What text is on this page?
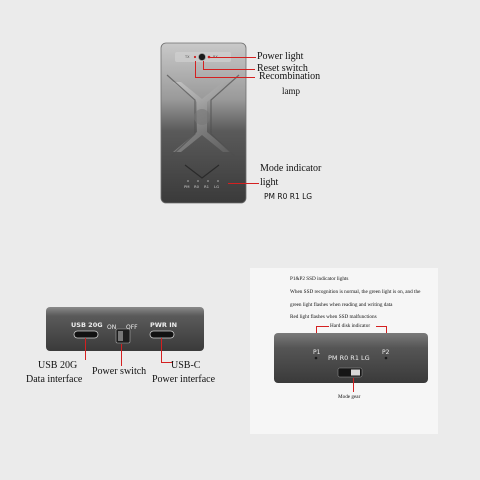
TX
PM R0 R1 LG
Power light
Reset switch
Recombination
lamp
Mode indicator
light
PM R0 R1 LG
USB 20G ON OFF PWR IN
USB 20G
Data interface
Power switch
USB-C
Power interface
P1&P2 SSD indicator lights
When SSD recognition is normal, the green light is on, and the
green light flashes when reading and writing data
Red light flashes when SSD malfunctions
Hard disk indicator
P1	P2
PM R0 R1 LG
Mode gear
